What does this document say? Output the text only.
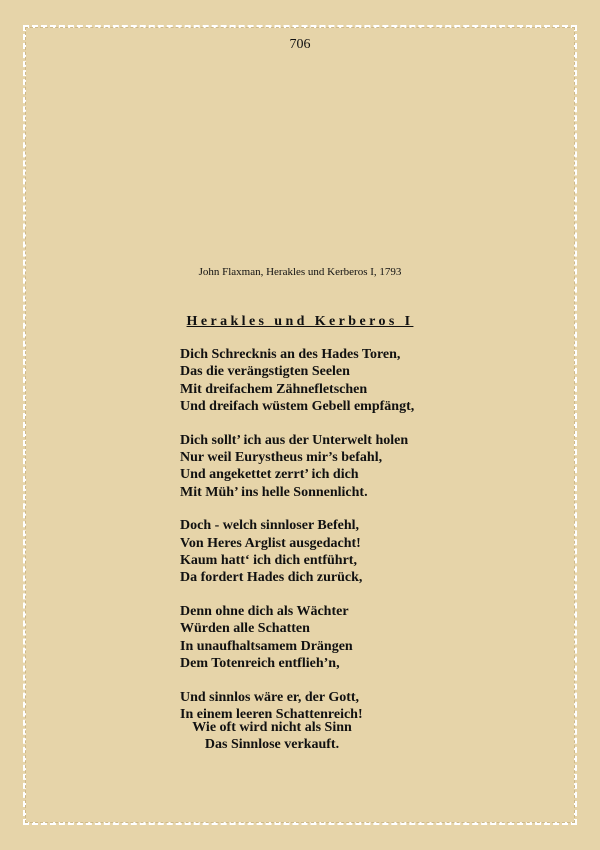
706
John Flaxman, Herakles und Kerberos I, 1793
Herakles und Kerberos I
Dich Schrecknis an des Hades Toren,
Das die verängstigten Seelen
Mit dreifachem Zähnefletschen
Und dreifach wüstem Gebell empfängt,
Dich sollt’ ich aus der Unterwelt holen
Nur weil Eurystheus mir’s befahl,
Und angekettet zerrt’ ich dich
Mit Müh’ ins helle Sonnenlicht.
Doch - welch sinnloser Befehl,
Von Heres Arglist ausgedacht!
Kaum hatt‘ ich dich entführt,
Da fordert Hades dich zurück,
Denn ohne dich als Wächter
Würden alle Schatten
In unaufhaltsamem Drängen
Dem Totenreich entflieh’n,
Und sinnlos wäre er, der Gott,
In einem leeren Schattenreich!
Wie oft wird nicht als Sinn
Das Sinnlose verkauft.
